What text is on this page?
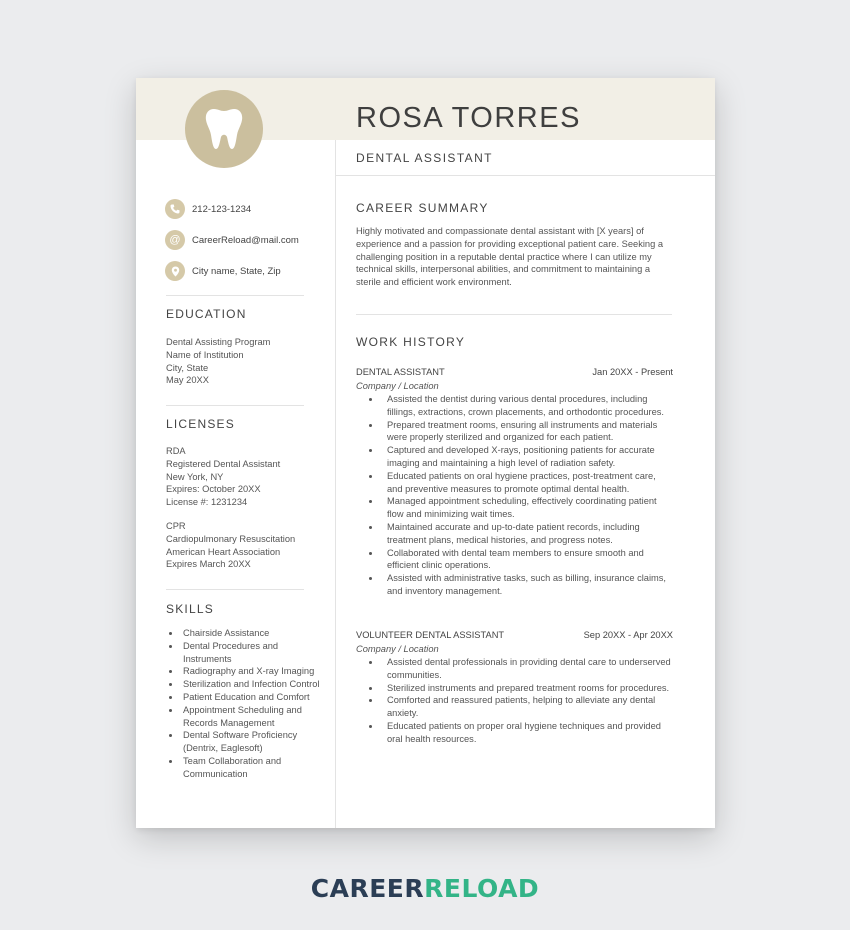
ROSA TORRES
DENTAL ASSISTANT
212-123-1234
@	CareerReload@mail.com
City name, State, Zip
EDUCATION
Dental Assisting Program
Name of Institution
City, State
May 20XX
LICENSES
RDA
Registered Dental Assistant
New York, NY
Expires: October 20XX
License #: 1231234
CPR
Cardiopulmonary Resuscitation
American Heart Association
Expires March 20XX
SKILLS
Chairside Assistance
Dental Procedures and Instruments
Radiography and X-ray Imaging
Sterilization and Infection Control
Patient Education and Comfort
Appointment Scheduling and Records Management
Dental Software Proficiency (Dentrix, Eaglesoft)
Team Collaboration and Communication
CAREER SUMMARY
Highly motivated and compassionate dental assistant with [X years] of experience and a passion for providing exceptional patient care. Seeking a challenging position in a reputable dental practice where I can utilize my technical skills, interpersonal abilities, and commitment to maintaining a sterile and efficient work environment.
WORK HISTORY
DENTAL ASSISTANT	Jan 20XX - Present
Company / Location
Assisted the dentist during various dental procedures, including fillings, extractions, crown placements, and orthodontic procedures.
Prepared treatment rooms, ensuring all instruments and materials were properly sterilized and organized for each patient.
Captured and developed X-rays, positioning patients for accurate imaging and maintaining a high level of radiation safety.
Educated patients on oral hygiene practices, post-treatment care, and preventive measures to promote optimal dental health.
Managed appointment scheduling, effectively coordinating patient flow and minimizing wait times.
Maintained accurate and up-to-date patient records, including treatment plans, medical histories, and progress notes.
Collaborated with dental team members to ensure smooth and efficient clinic operations.
Assisted with administrative tasks, such as billing, insurance claims, and inventory management.
VOLUNTEER DENTAL ASSISTANT	Sep 20XX - Apr 20XX
Company / Location
Assisted dental professionals in providing dental care to underserved communities.
Sterilized instruments and prepared treatment rooms for procedures.
Comforted and reassured patients, helping to alleviate any dental anxiety.
Educated patients on proper oral hygiene techniques and provided oral health resources.
CAREERRELOAD
